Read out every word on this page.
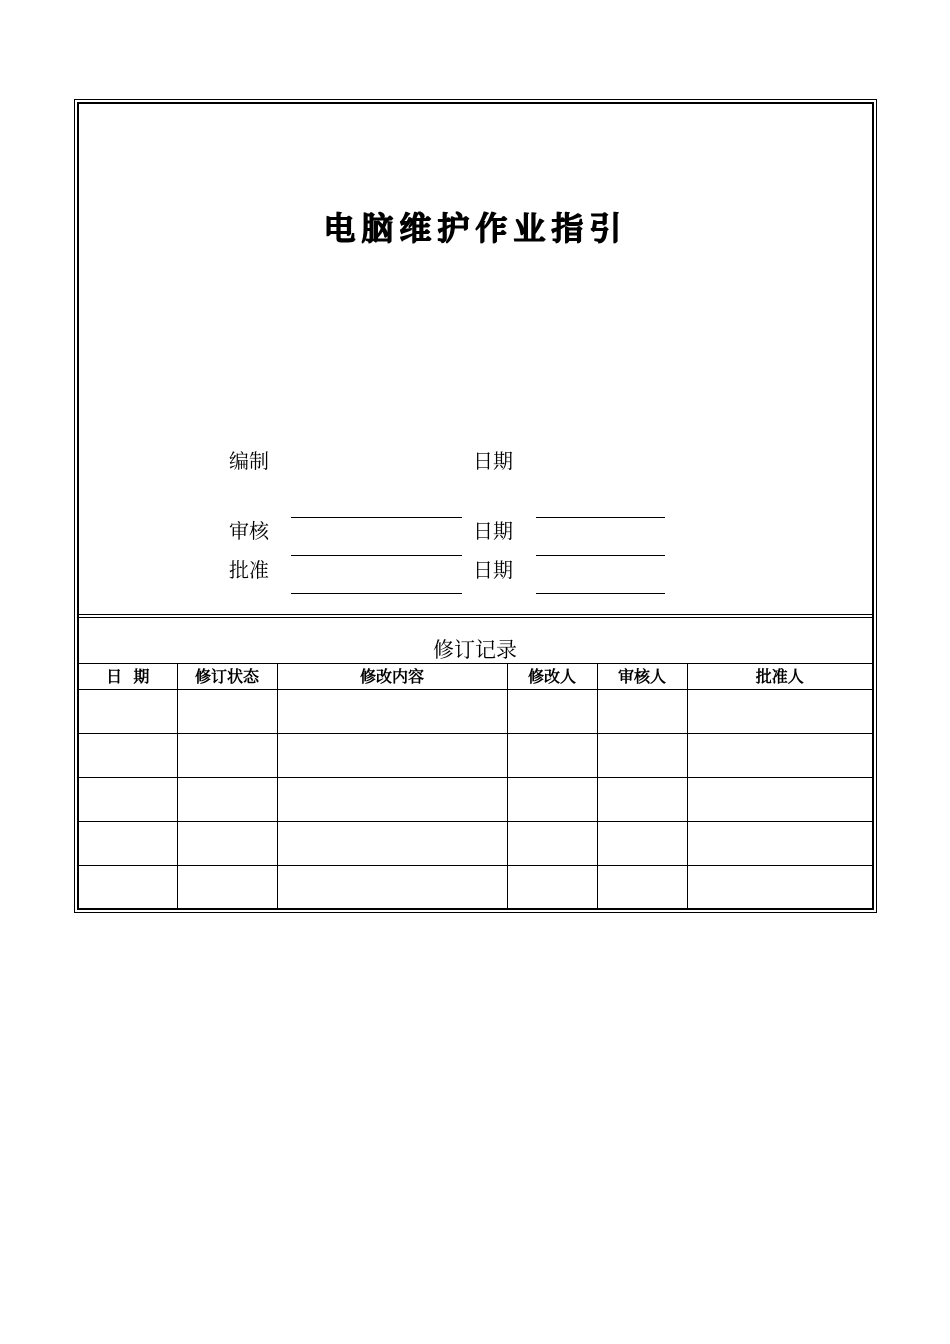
电脑维护作业指引
编制	日期
审核	日期
批准	日期
修订记录
日  期	修订状态	修改内容	修改人	审核人	批准人
